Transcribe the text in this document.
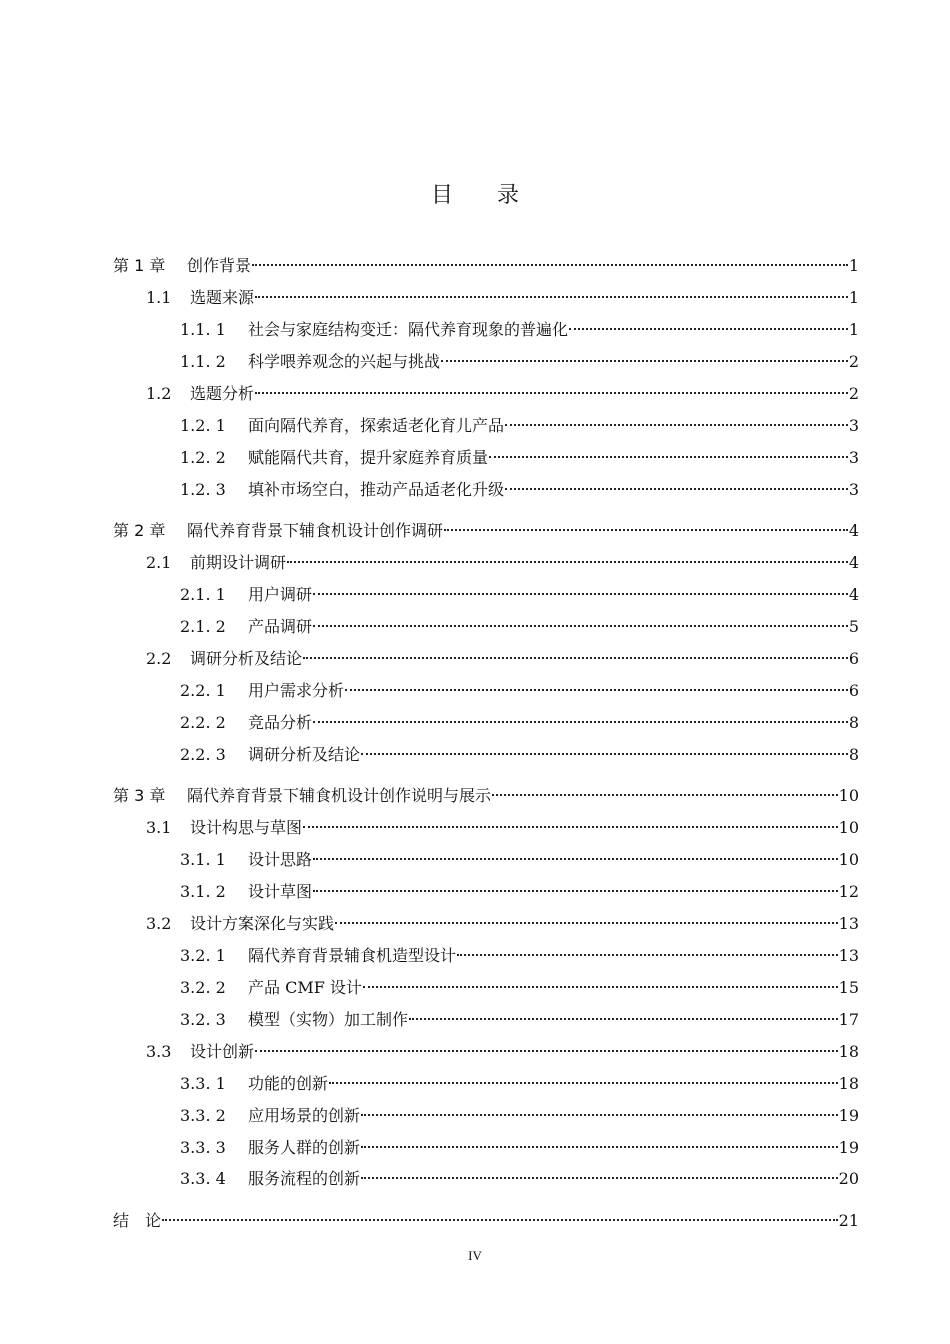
目 录
第 1 章	创作背景	1
1.1	选题来源	1
1.1. 1	社会与家庭结构变迁：隔代养育现象的普遍化	1
1.1. 2	科学喂养观念的兴起与挑战	2
1.2	选题分析	2
1.2. 1	面向隔代养育，探索适老化育儿产品	3
1.2. 2	赋能隔代共育，提升家庭养育质量	3
1.2. 3	填补市场空白，推动产品适老化升级	3
第 2 章	隔代养育背景下辅食机设计创作调研	4
2.1	前期设计调研	4
2.1. 1	用户调研	4
2.1. 2	产品调研	5
2.2	调研分析及结论	6
2.2. 1	用户需求分析	6
2.2. 2	竞品分析	8
2.2. 3	调研分析及结论	8
第 3 章	隔代养育背景下辅食机设计创作说明与展示	10
3.1	设计构思与草图	10
3.1. 1	设计思路	10
3.1. 2	设计草图	12
3.2	设计方案深化与实践	13
3.2. 1	隔代养育背景辅食机造型设计	13
3.2. 2	产品 CMF 设计	15
3.2. 3	模型（实物）加工制作	17
3.3	设计创新	18
3.3. 1	功能的创新	18
3.3. 2	应用场景的创新	19
3.3. 3	服务人群的创新	19
3.3. 4	服务流程的创新	20
结　论	21
IV
